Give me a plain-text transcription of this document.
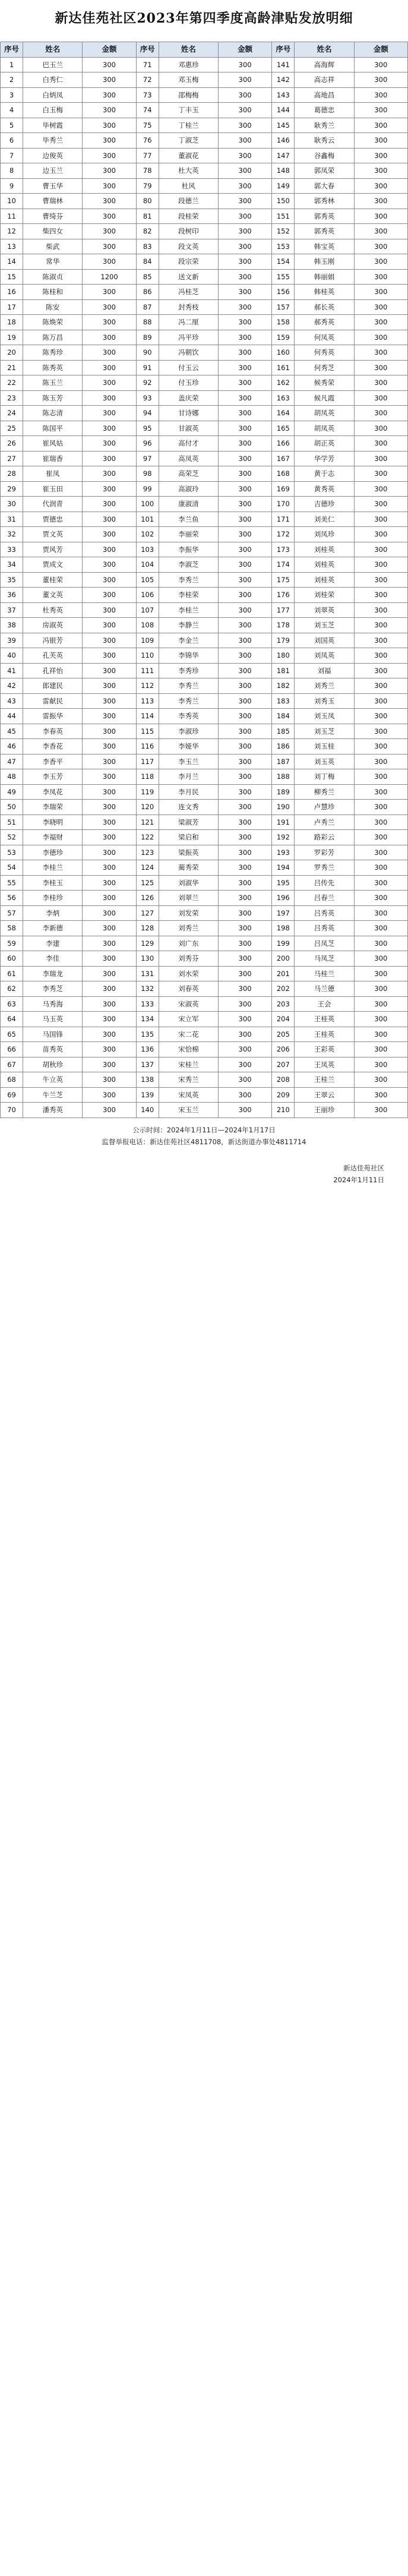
新达佳苑社区2023年第四季度高龄津贴发放明细
序号	姓名	金额	序号	姓名	金额	序号	姓名	金额
1	巴玉兰	300	71	邓惠珍	300	141	高海辉	300
2	白秀仁	300	72	邓玉梅	300	142	高志祥	300
3	白炳凤	300	73	邵梅梅	300	143	高地昌	300
4	白玉梅	300	74	丁丰玉	300	144	葛德忠	300
5	毕树霞	300	75	丁桂兰	300	145	耿秀兰	300
6	毕秀兰	300	76	丁淑芝	300	146	耿秀云	300
7	边俊英	300	77	董淑花	300	147	谷鑫梅	300
8	边玉兰	300	78	杜大英	300	148	郭凤荣	300
9	曹玉华	300	79	杜风	300	149	郭大春	300
10	曹瑞林	300	80	段德兰	300	150	郭秀林	300
11	曹绮芬	300	81	段桂荣	300	151	郭秀英	300
12	柴四女	300	82	段树印	300	152	郭秀英	300
13	柴武	300	83	段文英	300	153	韩宝英	300
14	常华	300	84	段宗荣	300	154	韩玉刚	300
15	陈淑贞	1200	85	送文新	300	155	韩丽娟	300
16	陈桂和	300	86	冯桂芝	300	156	韩桂英	300
17	陈安	300	87	封秀枝	300	157	郝长英	300
18	陈焕荣	300	88	冯二厘	300	158	郝秀英	300
19	陈万昌	300	89	冯平珍	300	159	何凤英	300
20	陈秀珍	300	90	冯朝饮	300	160	何秀英	300
21	陈秀英	300	91	付玉云	300	161	何秀芝	300
22	陈玉兰	300	92	付玉珍	300	162	候秀荣	300
23	陈玉芳	300	93	盖庆荣	300	163	候凡霞	300
24	陈志清	300	94	甘诗娜	300	164	胡凤英	300
25	陈国平	300	95	甘淑英	300	165	胡凤英	300
26	崔风姑	300	96	高付才	300	166	胡正英	300
27	崔瑞香	300	97	高凤英	300	167	华学芳	300
28	崔凤	300	98	高荣芝	300	168	黄于志	300
29	崔玉田	300	99	高淑玲	300	169	黄秀英	300
30	代润青	300	100	康淑清	300	170	吉德珍	300
31	贾德忠	300	101	李兰鱼	300	171	刘美仁	300
32	贾文英	300	102	李丽荣	300	172	刘凤珍	300
33	贾风芳	300	103	李振华	300	173	刘桂英	300
34	贾成文	300	104	李淑芝	300	174	刘桂英	300
35	董桂荣	300	105	李秀兰	300	175	刘桂英	300
36	董文英	300	106	李桂荣	300	176	刘桂荣	300
37	杜秀英	300	107	李桂兰	300	177	刘翠英	300
38	房淑英	300	108	李静兰	300	178	刘玉芝	300
39	冯银芳	300	109	李金兰	300	179	刘国英	300
40	孔芙英	300	110	李锦华	300	180	刘凤英	300
41	孔祥怡	300	111	李秀珍	300	181	刘福	300
42	郎建民	300	112	李秀兰	300	182	刘秀兰	300
43	雷献民	300	113	李秀兰	300	183	刘秀玉	300
44	雷振华	300	114	李秀英	300	184	刘玉凤	300
45	李春英	300	115	李淑珍	300	185	刘玉芝	300
46	李香花	300	116	李娅华	300	186	刘玉桂	300
47	李香平	300	117	李玉兰	300	187	刘玉英	300
48	李玉芳	300	118	李月兰	300	188	刘丁梅	300
49	李凤花	300	119	李月民	300	189	柳秀兰	300
50	李瑞荣	300	120	连文秀	300	190	卢慧珍	300
51	李晓明	300	121	梁淑芳	300	191	卢秀兰	300
52	李福财	300	122	梁启和	300	192	路彩云	300
53	李德珍	300	123	梁振英	300	193	罗彩芳	300
54	李桂兰	300	124	蔺秀荣	300	194	罗秀兰	300
55	李桂玉	300	125	刘淑华	300	195	吕传先	300
56	李桂珍	300	126	刘翠兰	300	196	吕春兰	300
57	李炳	300	127	刘发荣	300	197	吕秀英	300
58	李新德	300	128	刘秀兰	300	198	吕秀英	300
59	李建	300	129	刘广东	300	199	吕凤芝	300
60	李佳	300	130	刘秀芬	300	200	马凤芝	300
61	李瑞龙	300	131	刘水荣	300	201	马桂兰	300
62	李秀芝	300	132	刘春英	300	202	马兰德	300
63	马秀海	300	133	宋淑英	300	203	王会	300
64	马玉英	300	134	宋立军	300	204	王桂英	300
65	马国锋	300	135	宋二花	300	205	王桂英	300
66	苗秀英	300	136	宋恰棉	300	206	王彩英	300
67	胡秋珍	300	137	宋桂兰	300	207	王凤英	300
68	牛立英	300	138	宋秀兰	300	208	王桂兰	300
69	牛兰芝	300	139	宋凤英	300	209	王翠云	300
70	潘秀英	300	140	宋玉兰	300	210	王丽珍	300
公示时间：2024年1月11日—2024年1月17日
监督举报电话：新达佳苑社区4811708，新达街道办事处4811714
新达佳苑社区
2024年1月11日
